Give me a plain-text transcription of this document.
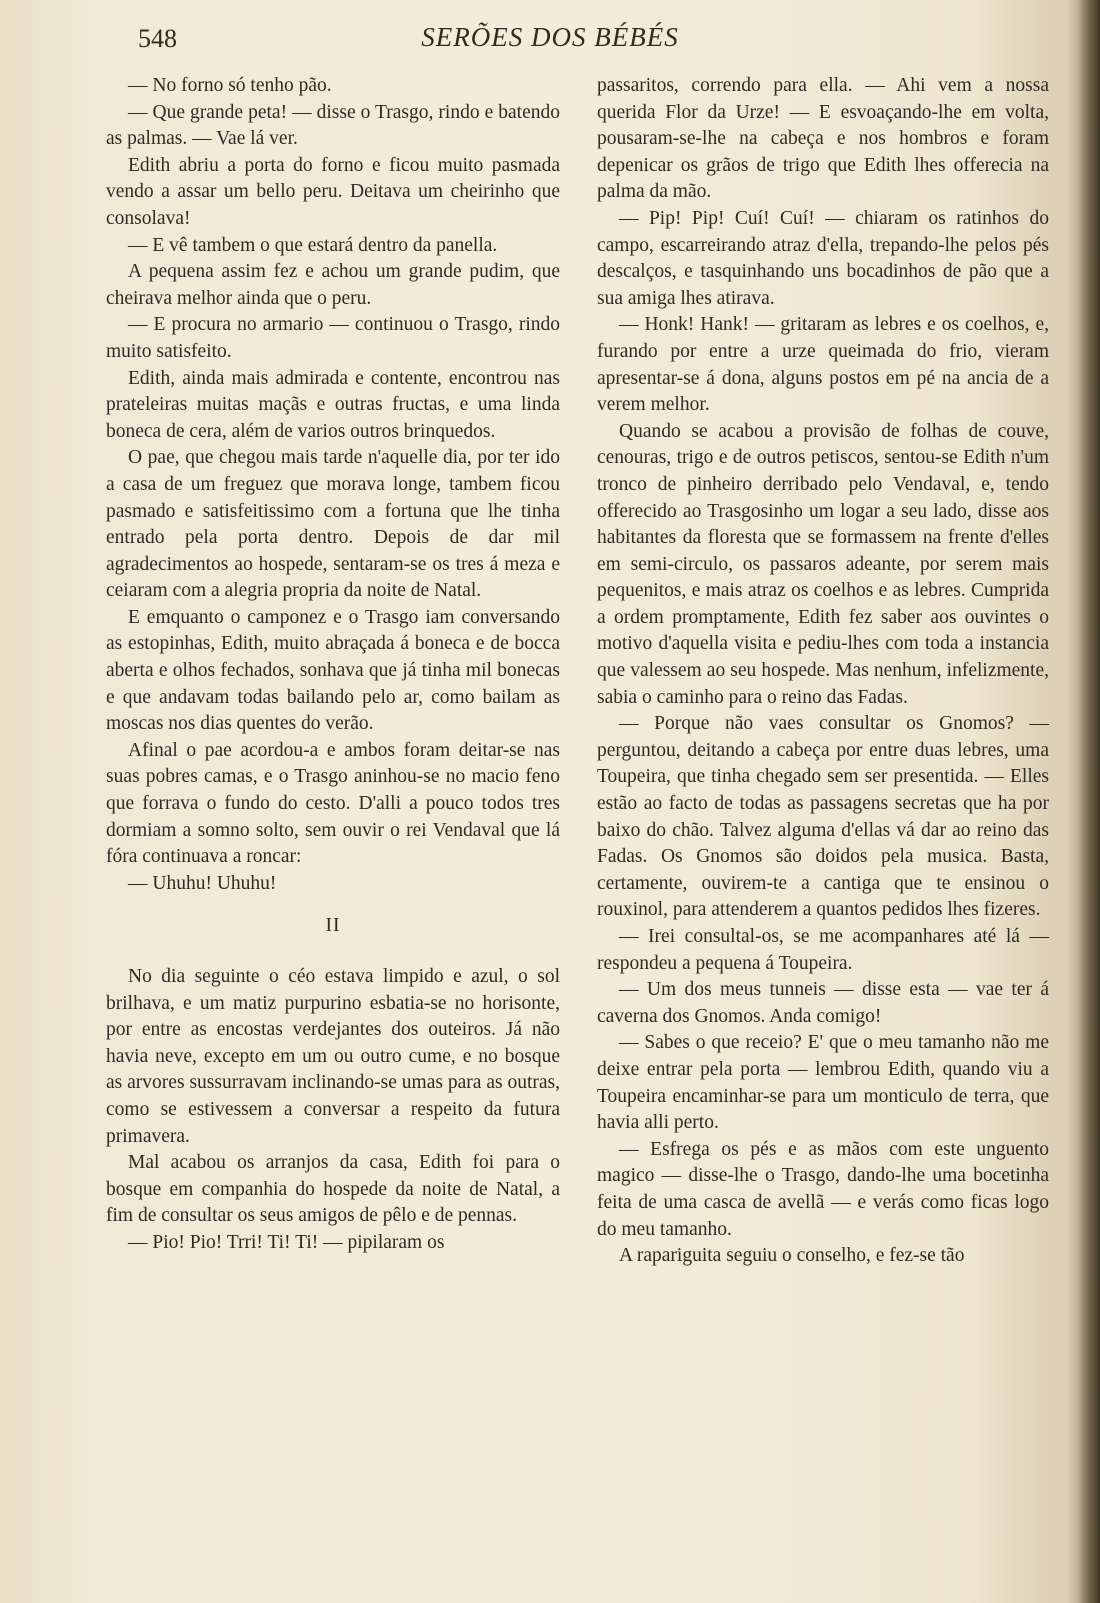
548	SERÕES DOS BÉBÉS

— No forno só tenho pão.

— Que grande peta! — disse o Trasgo, rindo e batendo as palmas. — Vae lá ver.

Edith abriu a porta do forno e ficou muito pasmada vendo a assar um bello peru. Deitava um cheirinho que consolava!

— E vê tambem o que estará dentro da panella.

A pequena assim fez e achou um grande pudim, que cheirava melhor ainda que o peru.

— E procura no armario — continuou o Trasgo, rindo muito satisfeito.

Edith, ainda mais admirada e contente, encontrou nas prateleiras muitas maçãs e outras fructas, e uma linda boneca de cera, além de varios outros brinquedos.

O pae, que chegou mais tarde n'aquelle dia, por ter ido a casa de um freguez que morava longe, tambem ficou pasmado e satisfeitissimo com a fortuna que lhe tinha entrado pela porta dentro. Depois de dar mil agradecimentos ao hospede, sentaram-se os tres á meza e ceiaram com a alegria propria da noite de Natal.

E emquanto o camponez e o Trasgo iam conversando as estopinhas, Edith, muito abraçada á boneca e de bocca aberta e olhos fechados, sonhava que já tinha mil bonecas e que andavam todas bailando pelo ar, como bailam as moscas nos dias quentes do verão.

Afinal o pae acordou-a e ambos foram deitar-se nas suas pobres camas, e o Trasgo aninhou-se no macio feno que forrava o fundo do cesto. D'alli a pouco todos tres dormiam a somno solto, sem ouvir o rei Vendaval que lá fóra continuava a roncar:

— Uhuhu! Uhuhu!

II

No dia seguinte o céo estava limpido e azul, o sol brilhava, e um matiz purpurino esbatia-se no horisonte, por entre as encostas verdejantes dos outeiros. Já não havia neve, excepto em um ou outro cume, e no bosque as arvores sussurravam inclinando-se umas para as outras, como se estivessem a conversar a respeito da futura primavera.

Mal acabou os arranjos da casa, Edith foi para o bosque em companhia do hospede da noite de Natal, a fim de consultar os seus amigos de pêlo e de pennas.

— Pio! Pio! Trri! Ti! Ti! — pipilaram os

passaritos, correndo para ella. — Ahi vem a nossa querida Flor da Urze! — E esvoaçando-lhe em volta, pousaram-se-lhe na cabeça e nos hombros e foram depenicar os grãos de trigo que Edith lhes offerecia na palma da mão.

— Pip! Pip! Cuí! Cuí! — chiaram os ratinhos do campo, escarreirando atraz d'ella, trepando-lhe pelos pés descalços, e tasquinhando uns bocadinhos de pão que a sua amiga lhes atirava.

— Honk! Hank! — gritaram as lebres e os coelhos, e, furando por entre a urze queimada do frio, vieram apresentar-se á dona, alguns postos em pé na ancia de a verem melhor.

Quando se acabou a provisão de folhas de couve, cenouras, trigo e de outros petiscos, sentou-se Edith n'um tronco de pinheiro derribado pelo Vendaval, e, tendo offerecido ao Trasgosinho um logar a seu lado, disse aos habitantes da floresta que se formassem na frente d'elles em semi-circulo, os passaros adeante, por serem mais pequenitos, e mais atraz os coelhos e as lebres. Cumprida a ordem promptamente, Edith fez saber aos ouvintes o motivo d'aquella visita e pediu-lhes com toda a instancia que valessem ao seu hospede. Mas nenhum, infelizmente, sabia o caminho para o reino das Fadas.

— Porque não vaes consultar os Gnomos? — perguntou, deitando a cabeça por entre duas lebres, uma Toupeira, que tinha chegado sem ser presentida. — Elles estão ao facto de todas as passagens secretas que ha por baixo do chão. Talvez alguma d'ellas vá dar ao reino das Fadas. Os Gnomos são doidos pela musica. Basta, certamente, ouvirem-te a cantiga que te ensinou o rouxinol, para attenderem a quantos pedidos lhes fizeres.

— Irei consultal-os, se me acompanhares até lá — respondeu a pequena á Toupeira.

— Um dos meus tunneis — disse esta — vae ter á caverna dos Gnomos. Anda comigo!

— Sabes o que receio? E' que o meu tamanho não me deixe entrar pela porta — lembrou Edith, quando viu a Toupeira encaminhar-se para um monticulo de terra, que havia alli perto.

— Esfrega os pés e as mãos com este unguento magico — disse-lhe o Trasgo, dando-lhe uma bocetinha feita de uma casca de avellã — e verás como ficas logo do meu tamanho.

A rapariguita seguiu o conselho, e fez-se tão
